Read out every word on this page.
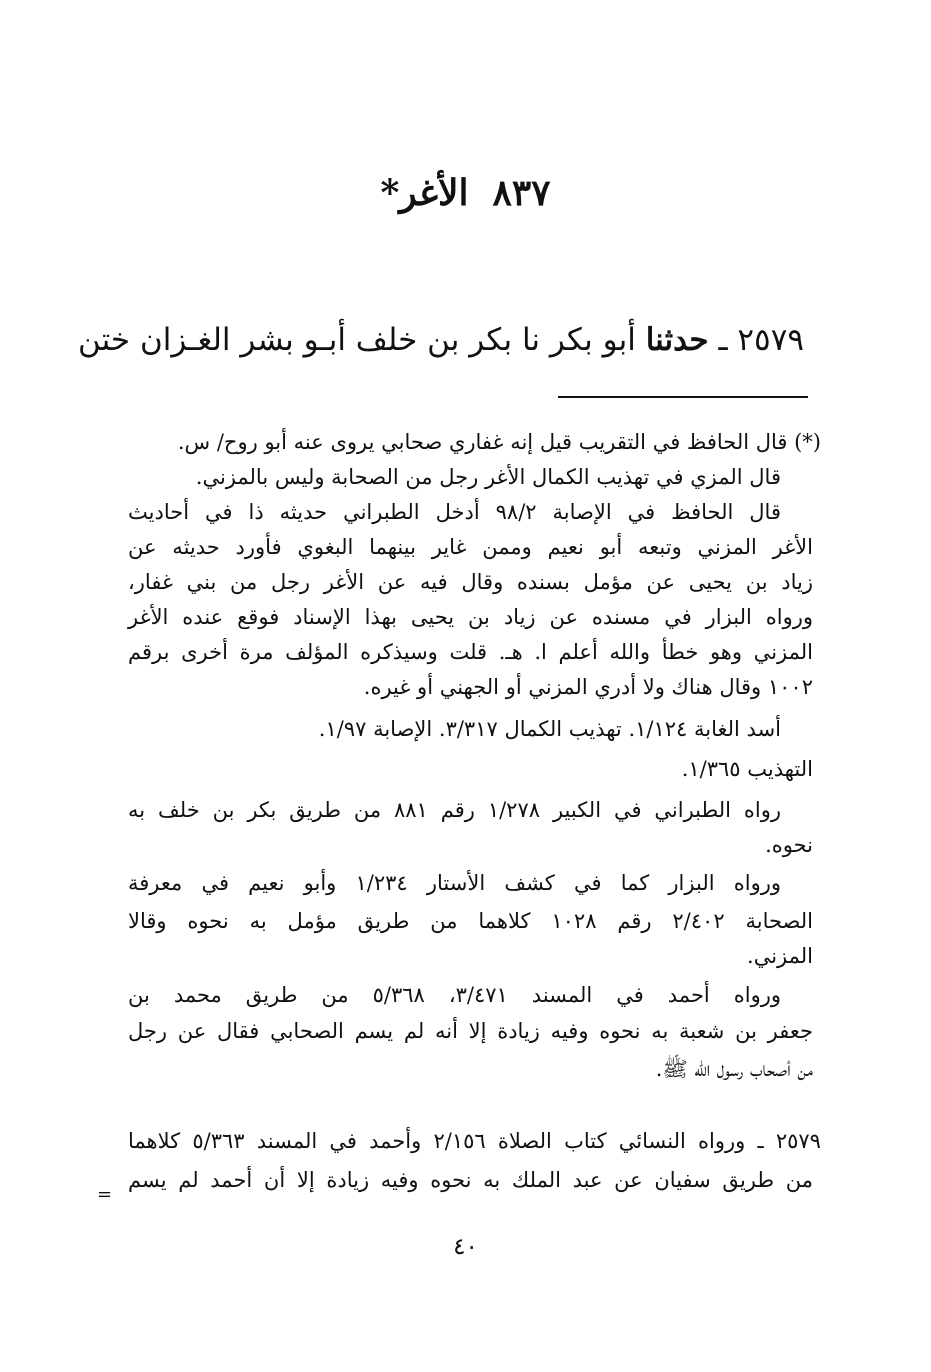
٨٣٧الأغر*
٢٥٧٩ ـ حدثنا أبو بكر نا بكر بن خلف أبـو بشر الغـزان ختن
(*) قال الحافظ في التقريب قيل إنه غفاري صحابي يروى عنه أبو روح/ س.
قال المزي في تهذيب الكمال الأغر رجل من الصحابة وليس بالمزني.
قال الحافظ في الإصابة ٩٨/٢ أدخل الطبراني حديثه ذا في أحاديث
الأغر المزني وتبعه أبو نعيم وممن غاير بينهما البغوي فأورد حديثه عن
زياد بن يحيى عن مؤمل بسنده وقال فيه عن الأغر رجل من بني غفار،
ورواه البزار في مسنده عن زياد بن يحيى بهذا الإسناد فوقع عنده الأغر
المزني وهو خطأ والله أعلم ا. هـ. قلت وسيذكره المؤلف مرة أخرى برقم
١٠٠٢ وقال هناك ولا أدري المزني أو الجهني أو غيره.
أسد الغابة ١/١٢٤. تهذيب الكمال ٣/٣١٧. الإصابة ١/٩٧.
التهذيب ١/٣٦٥.
رواه الطبراني في الكبير ١/٢٧٨ رقم ٨٨١ من طريق بكر بن خلف به
نحوه.
ورواه البزار كما في كشف الأستار ١/٢٣٤ وأبو نعيم في معرفة
الصحابة ٢/٤٠٢ رقم ١٠٢٨ كلاهما من طريق مؤمل به نحوه وقالا
المزني.
ورواه أحمد في المسند ٣/٤٧١، ٥/٣٦٨ من طريق محمد بن
جعفر بن شعبة به نحوه وفيه زيادة إلا أنه لم يسم الصحابي فقال عن رجل
من أصحاب رسول الله ﷺ.
٢٥٧٩ ـ ورواه النسائي كتاب الصلاة ٢/١٥٦ وأحمد في المسند ٥/٣٦٣ كلاهما
من طريق سفيان عن عبد الملك به نحوه وفيه زيادة إلا أن أحمد لم يسم
=
٤٠
